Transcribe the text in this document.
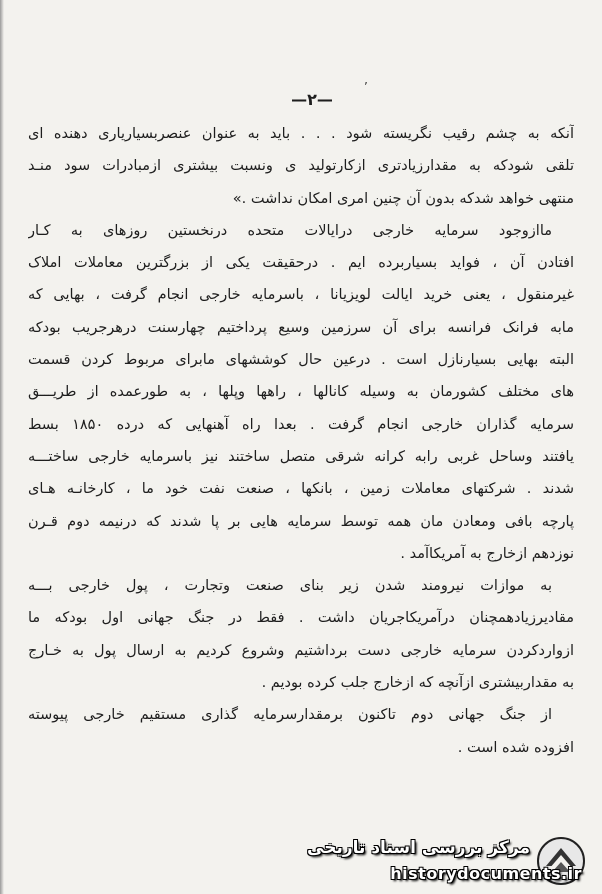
’
—٢—
آنکه به چشم رقیب نگریسته شود . . . باید به عنوان عنصربسیاریاری دهنده ای
تلقی شودکه به مقدارزیادتری ازکارتولید ی ونسبت بیشتری ازمبادرات سود منـد
منتهی خواهد شدکه بدون آن چنین امری امکان نداشت .»
ماازوجود سرمایه خارجی درایالات متحده درنخستین روزهای به کـار
افتادن آن ، فواید بسیاربرده ایم . درحقیقت یکی از بزرگترین معاملات املاک
غیرمنقول ، یعنی خرید ایالت لویزیانا ، باسرمایه خارجی انجام گرفت ، بهایی که
مابه فرانک فرانسه برای آن سرزمین وسیع پرداختیم چهارسنت درهرجریب بودکه
البته بهایی بسیارنازل است . درعین حال کوششهای مابرای مربوط کردن قسمت
های مختلف کشورمان به وسیله کانالها ، راهها وپلها ، به طورعمده از طریـــق
سرمایه گذاران خارجی انجام گرفت . بعدا راه آهنهایی که درده ۱۸۵۰ بسط
یافتند وساحل غربی رابه کرانه شرقی متصل ساختند نیز باسرمایه خارجی ساختـــه
شدند . شرکتهای معاملات زمین ، بانکها ، صنعت نفت خود ما ، کارخانـه هـای
پارچه بافی ومعادن مان همه توسط سرمایه هایی بر پا شدند که درنیمه دوم قـرن
نوزدهم ازخارج به آمریکاآمد .
به موازات نیرومند شدن زیر بنای صنعت وتجارت ، پول خارجی بـــه
مقادیرزیادهمچنان درآمریکاجریان داشت . فقط در جنگ جهانی اول بودکه ما
ازواردکردن سرمایه خارجی دست برداشتیم وشروع کردیم به ارسال پول به خـارج
به مقداربیشتری ازآنچه که ازخارج جلب کرده بودیم .
از جنگ جهانی دوم تاکنون برمقدارسرمایه گذاری مستقیم خارجی پیوسته
افزوده شده است .
مرکز بررسی اسناد تاریخی
historydocuments.ir
